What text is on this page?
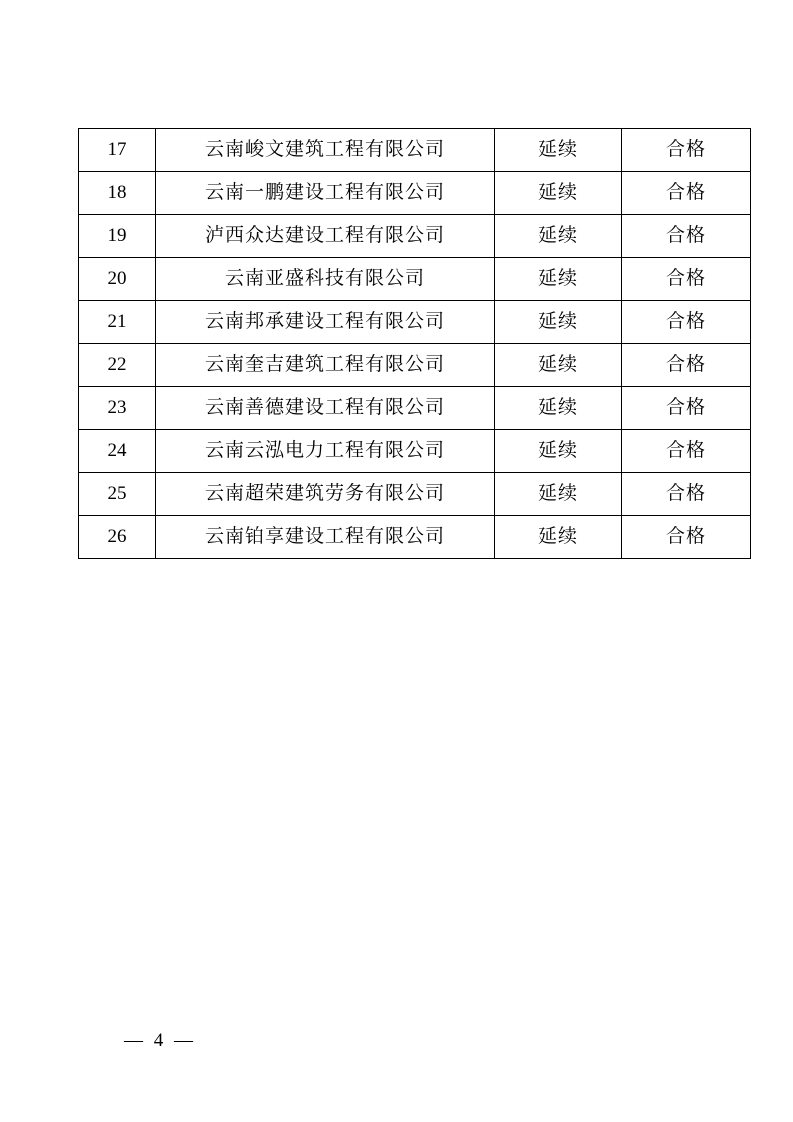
17	云南峻文建筑工程有限公司	延续	合格
18	云南一鹏建设工程有限公司	延续	合格
19	泸西众达建设工程有限公司	延续	合格
20	云南亚盛科技有限公司	延续	合格
21	云南邦承建设工程有限公司	延续	合格
22	云南奎吉建筑工程有限公司	延续	合格
23	云南善德建设工程有限公司	延续	合格
24	云南云泓电力工程有限公司	延续	合格
25	云南超荣建筑劳务有限公司	延续	合格
26	云南铂享建设工程有限公司	延续	合格
— 4 —
